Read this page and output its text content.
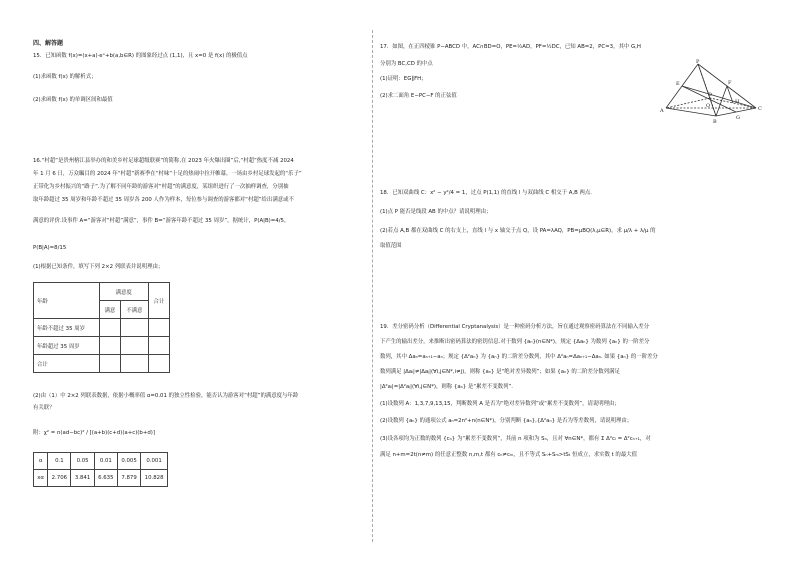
四、解答题
15．已知函数 f(x)=(x+a)·eˣ+b(a,b∈R) 的图象经过点 (1,1)，且 x=0 是 f(x) 的极值点
(1)求函数 f(x) 的解析式；
(2)求函数 f(x) 的单调区间和最值
16.“村超”是贵州榕江县举办的和美乡村足球超级联赛”的简称,在 2023 年火爆出圈”后,“村超”热度不减 2024
年 1 月 6 日，万众瞩目的 2024 年“村超”新赛季在“村味”十足的热闹中拉开帷幕，一场由乡村足球发起的“乐子”
正带化为乡村振兴的“路子”.为了解不同年龄的游客对“村超”的满意度，某组织进行了一次抽样调查，分别抽
取年龄超过 35 周岁和年龄不超过 35 周岁各 200 人作为样本，每位参与调查的游客都对“村超”给出满意或不
满意的评价.设事件 A=“游客对“村超”满意”，事件 B=“游客年龄不超过 35 周岁”，据统计，P(A|B)=4/5，
P(B|A)=8/15
(1)根据已知条件，填写下列 2×2 列联表并说明理由；
年龄	满意度		合计
	满意	不满意	
年龄不超过 35 周岁			
年龄超过 35 周岁			
合计			
(2)由（1）中 2×2 列联表数据，依据小概率值 α=0.01 的独立性检验，能否认为游客对“村超”的满意度与年龄
有关联？
附：χ² = n(ad−bc)² / [(a+b)(c+d)(a+c)(b+d)]
α	0.1	0.05	0.01	0.005	0.001
xα	2.706	3.841	6.635	7.879	10.828
17．如图，在正四棱锥 P−ABCD 中，AC∩BD=O，PE=½AD，PF=½DC，已知 AB=2，PC=3，其中 G,H
分别为 BC,CD 的中点
(1)证明：EG∥FH；
(2)求二面角 E−PC−F 的正弦值
P
E	F
A
B
C
D
O
G
H
18．已知双曲线 C：x² − y²/4 = 1，过点 P(1,1) 的直线 l 与双曲线 C 相交于 A,B 两点.
(1)点 P 能否是线段 AB 的中点？请说明理由；
(2)若点 A,B 都在双曲线 C 的右支上，直线 l 与 x 轴交于点 Q，设 PA=λAQ，PB=μBQ(λ,μ∈R)，求 μ/λ + λ/μ 的
取值范围
19．差分密码分析（Differential Cryptanalysis）是一种密码分析方法，旨在通过观察密码算法在不同输入差分
下产生的输出差分，来推断出密码算法的密钥信息.对于数列 {aₙ}(n∈N*)，规定 {Δaₙ} 为数列 {aₙ} 的一阶差分
数列，其中 Δaₙ=aₙ₊₁−aₙ；规定 {Δ²aₙ} 为 {aₙ} 的二阶差分数列，其中 Δ²aₙ=Δaₙ₊₁−Δaₙ. 如果 {aₙ} 的一阶差分
数列满足 |Δaᵢ|≠|Δaⱼ|(∀i,j∈N*,i≠j)，则称 {aₙ} 是“绝对差异数列”；如果 {aₙ} 的二阶差分数列满足
|Δ²aᵢ|=|Δ²aⱼ|(∀i,j∈N*)，则称 {aₙ} 是“累差不变数列”.
(1)设数列 A：1,3,7,9,13,15，判断数列 A 是否为“绝对差异数列”或“累差不变数列”，请说明理由；
(2)设数列 {aₙ} 的通项公式 aₙ=2n²+n(n∈N*)，分别判断 {aₙ},{Δ²aₙ} 是否为等差数列，请说明理由；
(3)设各项均为正数的数列 {cₙ} 为“累差不变数列”，其前 n 项和为 Sₙ，且对 ∀n∈N*，都有 Σ Δ²cᵢ = Δ²cₙ₊₁，对
满足 n+m=2t(n≠m) 的任意正整数 n,m,t 都有 cₙ≠cₘ，且不等式 Sₙ+Sₘ>tSₜ 恒成立，求实数 t 的最大值
